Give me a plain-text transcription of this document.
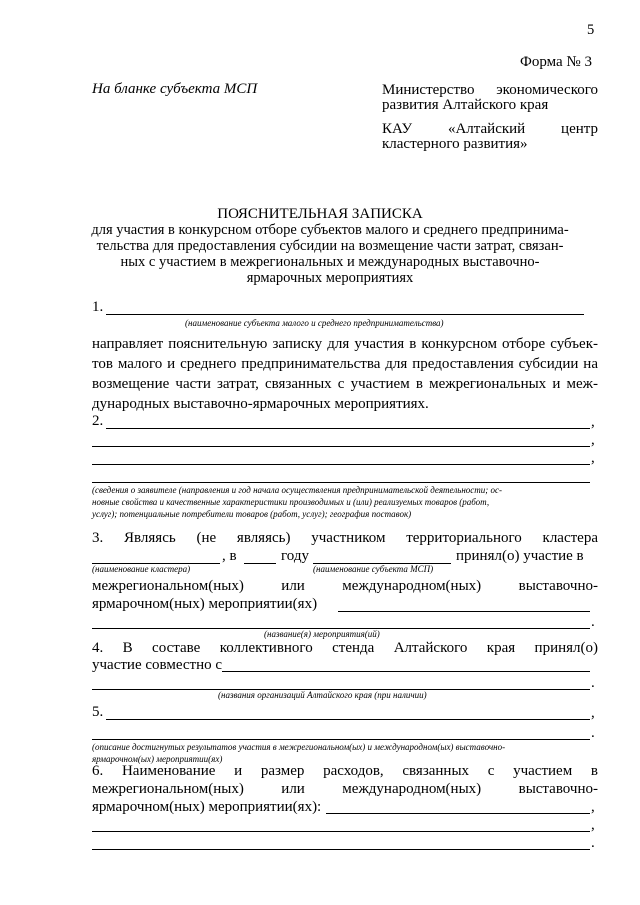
5
Форма № 3
На бланке субъекта МСП	Министерство экономического
развития Алтайского края
КАУ «Алтайский центр
кластерного развития»
ПОЯСНИТЕЛЬНАЯ ЗАПИСКА
для участия в конкурсном отборе субъектов малого и среднего предпринима-
тельства для предоставления субсидии на возмещение части затрат, связан-
ных с участием в межрегиональных и международных выставочно-
ярмарочных мероприятиях
1.
(наименование субъекта малого и среднего предпринимательства)
направляет пояснительную записку для участия в конкурсном отборе субъек-
тов малого и среднего предпринимательства для предоставления субсидии на
возмещение части затрат, связанных с участием в межрегиональных и меж-
дународных выставочно-ярмарочных мероприятиях.
2.	,
,
,
(сведения о заявителе (направления и год начала осуществления предпринимательской деятельности; ос-
новные свойства и качественные характеристики производимых и (или) реализуемых товаров (работ,
услуг); потенциальные потребители товаров (работ, услуг); география поставок)
3. Являясь (не являясь) участником территориального кластера
, в	году	принял(о) участие в
(наименование кластера)	(наименование субъекта МСП)
межрегиональном(ных) или международном(ных) выставочно-
ярмарочном(ных) мероприятии(ях)
.
(название(я) мероприятия(ий)
4. В составе коллективного стенда Алтайского края принял(о)
участие совместно с
.
(названия организаций Алтайского края (при наличии)
5.	,
.
(описание достигнутых результатов участия в межрегиональном(ых) и международном(ых) выставочно-
ярмарочном(ых) мероприятии(ях)
6. Наименование и размер расходов, связанных с участием в
межрегиональном(ных) или международном(ных) выставочно-
ярмарочном(ных) мероприятии(ях):	,
,
.
